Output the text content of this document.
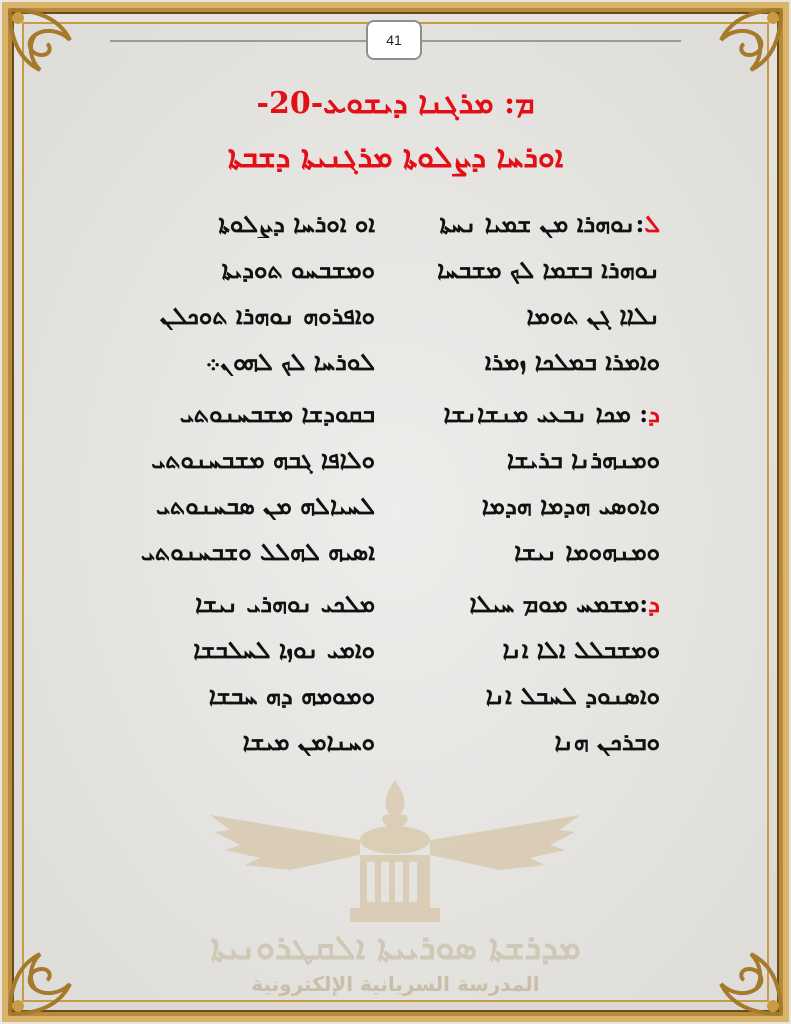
41
ܡ: ܡܪܓܢܐ ܕܝܫܘܥ-20-
ܐܘܪܚܐ ܕܨܠܘܬܐ ܡܪܓܢܝܬܐ ܕܫܒܬܐ
ܠ:ܢܘܗܪܐ ܡܢ ܫܡܝܐ ܢܚܬܐ
ܐܘ ܐܘܪܚܐ ܕܨܠܘܬܐ
ܢܘܗܪܐ ܒܫܡܐ ܠܟ ܡܫܒܚܐ
ܘܡܫܒܚܘ ܬܘܕܝܬܐ
ܢܠܐܐ ܓܢ ܬܘܡܐ
ܘܐܦܪܘܗ ܢܘܗܪܐ ܬܘܟܠܢ
ܘܐܡܪܐ ܒܡܠܟܐ ܙܡܪܐ
ܠܘܪܚܐ ܠܟ ܠܗܘܢ܀
ܕ: ܡܟܐ ܢܒܥܝ ܡܢܫܐܢܫܐ
ܒܩܘܕܫܐ ܡܫܒܚܢܘܬܝ
ܘܡܢܗܪܢܐ ܒܪܝܫܐ
ܘܠܐܦܐ ܓܒܗ ܡܫܒܚܢܘܬܝ
ܘܐܘܣܝ ܗܕܡܐ ܗܕܡܐ
ܠܚܝܐܠܗ ܡܢ ܣܒܚܢܘܬܝ
ܘܡܢܗܘܡܐ ܢܝܫܐ
ܐܣܝܗ ܠܗܠܠ ܘܫܒܚܢܘܬܝ
ܕ:ܡܫܡܚ ܡܘܡ ܚܝܠܐ
ܡܠܟܝ ܢܘܗܪܝ ܢܝܫܐ
ܘܡܫܒܠܠ ܐܠܐ ܐܢܐ
ܘܐܡܝ ܢܘܙܐ ܠܚܠܒܫܐ
ܘܐܣܢܘܕ ܠܚܒܠ ܐܢܐ
ܘܡܘܡܗ ܕܗ ܚܒܫܐ
ܘܒܪܟܢ ܗܢܐ
ܘܚܢܐܡܢ ܡܝܫܐ
ܡܕܪܫܬܐ ܣܘܪܝܝܬܐ ܐܠܩܛܪܘܢܝܬܐ
المدرسة السريانية الإلكترونية
